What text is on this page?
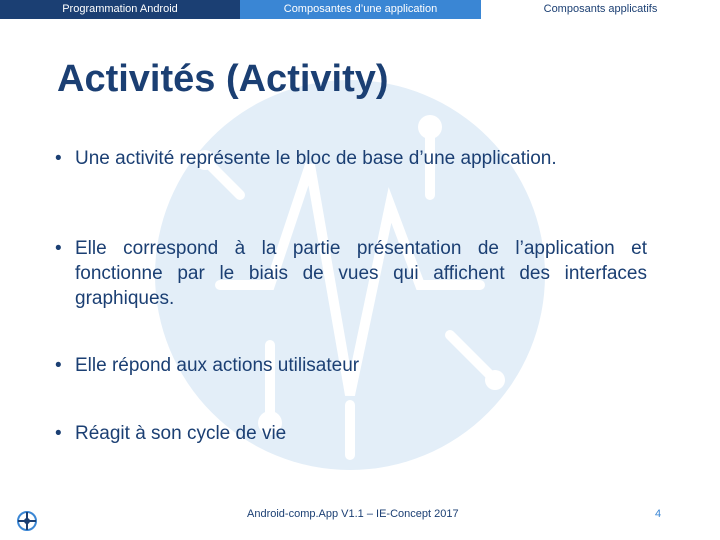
Programmation Android	Composantes d’une application	Composants applicatifs
Activités (Activity)
• Une activité représente le bloc de base d’une application.
• Elle correspond à la partie présentation de l’application et fonctionne par le biais de vues qui affichent des interfaces graphiques.
• Elle répond aux actions utilisateur
• Réagit à son cycle de vie
Android-comp.App V1.1 – IE-Concept 2017	4
